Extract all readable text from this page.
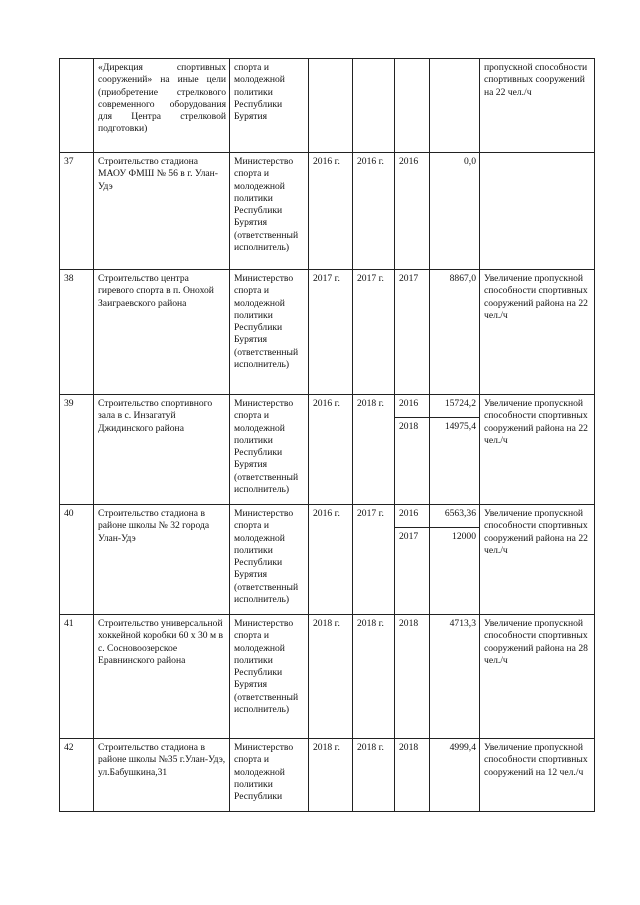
	«Дирекция спортивных сооружений» на иные цели (приобретение стрелкового современного оборудования для Центра стрелковой подготовки)	спорта и молодежной политики Республики Бурятия					пропускной способности спортивных сооружений на 22 чел./ч
37	Строительство стадиона МАОУ ФМШ № 56 в г. Улан-Удэ	Министерство спорта и молодежной политики Республики Бурятия (ответственный исполнитель)	2016 г.	2016 г.	2016	0,0	
38	Строительство центра гиревого спорта в п. Онохой Заиграевского района	Министерство спорта и молодежной политики Республики Бурятия (ответственный исполнитель)	2017 г.	2017 г.	2017	8867,0	Увеличение пропускной способности спортивных сооружений района на 22 чел./ч
39	Строительство спортивного зала в с. Инзагатуй Джидинского района	Министерство спорта и молодежной политики Республики Бурятия (ответственный исполнитель)	2016 г.	2018 г.	2016	15724,2	Увеличение пропускной способности спортивных сооружений района на 22 чел./ч
					2018	14975,4	
40	Строительство стадиона в районе школы № 32 города Улан-Удэ	Министерство спорта и молодежной политики Республики Бурятия (ответственный исполнитель)	2016 г.	2017 г.	2016	6563,36	Увеличение пропускной способности спортивных сооружений района на 22 чел./ч
					2017	12000	
41	Строительство универсальной хоккейной коробки 60 х 30 м в с. Сосновоозерское Еравнинского района	Министерство спорта и молодежной политики Республики Бурятия (ответственный исполнитель)	2018 г.	2018 г.	2018	4713,3	Увеличение пропускной способности спортивных сооружений района на 28 чел./ч
42	Строительство стадиона в районе школы №35 г.Улан-Удэ, ул.Бабушкина,31	Министерство спорта и молодежной политики Республики	2018 г.	2018 г.	2018	4999,4	Увеличение пропускной способности спортивных сооружений на 12 чел./ч
